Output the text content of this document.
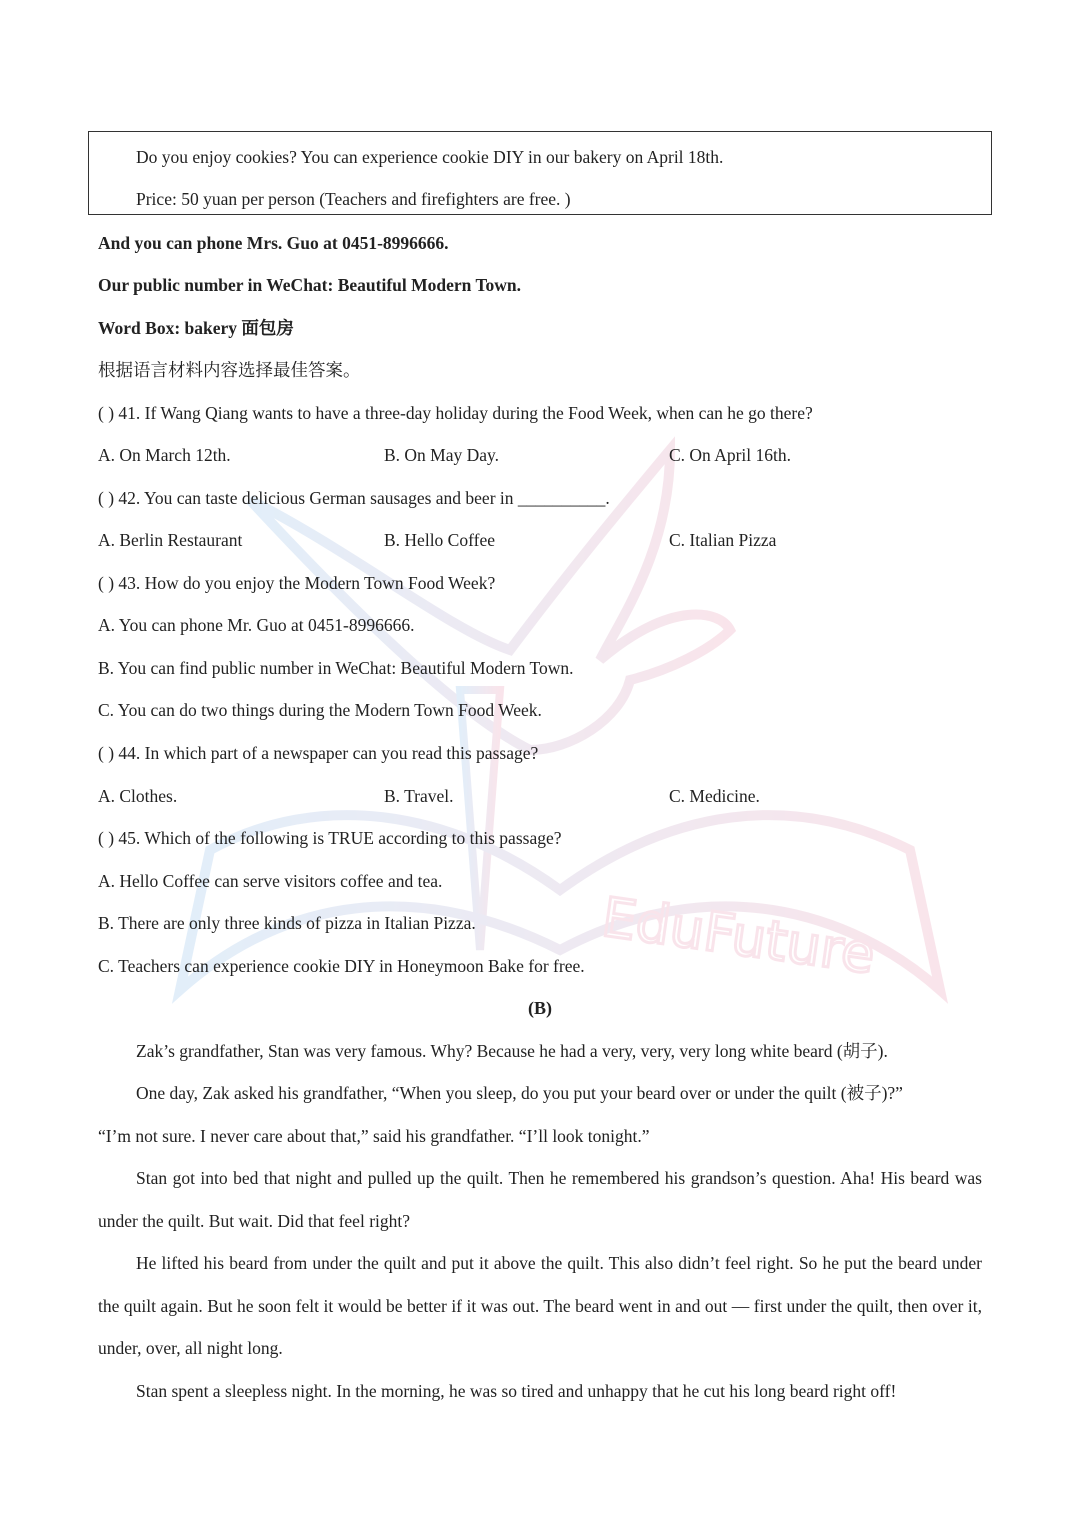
EduFuture
Do you enjoy cookies? You can experience cookie DIY in our bakery on April 18th.
Price: 50 yuan per person (Teachers and firefighters are free. )
And you can phone Mrs. Guo at 0451-8996666.
Our public number in WeChat: Beautiful Modern Town.
Word Box: bakery 面包房
根据语言材料内容选择最佳答案。
( ) 41. If Wang Qiang wants to have a three-day holiday during the Food Week, when can he go there?
A. On March 12th.	B. On May Day.	C. On April 16th.
( ) 42. You can taste delicious German sausages and beer in __________.
A. Berlin Restaurant	B. Hello Coffee	C. Italian Pizza
( ) 43. How do you enjoy the Modern Town Food Week?
A. You can phone Mr. Guo at 0451-8996666.
B. You can find public number in WeChat: Beautiful Modern Town.
C. You can do two things during the Modern Town Food Week.
( ) 44. In which part of a newspaper can you read this passage?
A. Clothes.	B. Travel.	C. Medicine.
( ) 45. Which of the following is TRUE according to this passage?
A. Hello Coffee can serve visitors coffee and tea.
B. There are only three kinds of pizza in Italian Pizza.
C. Teachers can experience cookie DIY in Honeymoon Bake for free.
(B)
Zak’s grandfather, Stan was very famous. Why? Because he had a very, very, very long white beard (胡子).
One day, Zak asked his grandfather, “When you sleep, do you put your beard over or under the quilt (被子)?”
“I’m not sure. I never care about that,” said his grandfather. “I’ll look tonight.”
Stan got into bed that night and pulled up the quilt. Then he remembered his grandson’s question. Aha! His beard was under the quilt. But wait. Did that feel right?
He lifted his beard from under the quilt and put it above the quilt. This also didn’t feel right. So he put the beard under the quilt again. But he soon felt it would be better if it was out. The beard went in and out — first under the quilt, then over it, under, over, all night long.
Stan spent a sleepless night. In the morning, he was so tired and unhappy that he cut his long beard right off!
